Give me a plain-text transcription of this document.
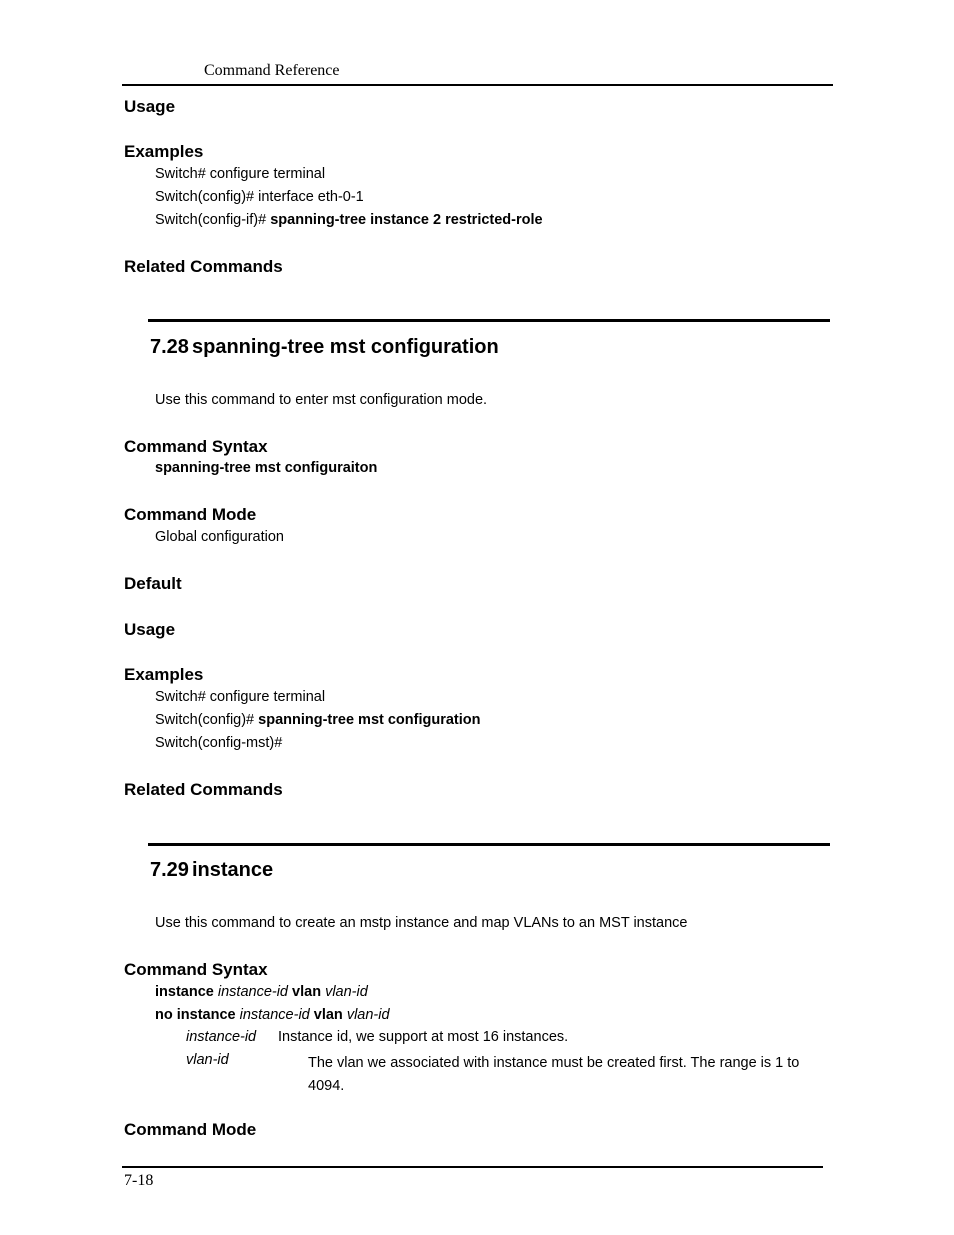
Command Reference
Usage
Examples
Switch# configure terminal
Switch(config)# interface eth-0-1
Switch(config-if)# spanning-tree instance 2 restricted-role
Related Commands
7.28 spanning-tree mst configuration
Use this command to enter mst configuration mode.
Command Syntax
spanning-tree mst configuraiton
Command Mode
Global configuration
Default
Usage
Examples
Switch# configure terminal
Switch(config)# spanning-tree mst configuration
Switch(config-mst)#
Related Commands
7.29 instance
Use this command to create an mstp instance and map VLANs to an MST instance
Command Syntax
instance instance-id vlan vlan-id
no instance instance-id vlan vlan-id
instance-id Instance id, we support at most 16 instances.
vlan-id	The vlan we associated with instance must be created first. The range is 1 to 4094.
Command Mode
7-18
